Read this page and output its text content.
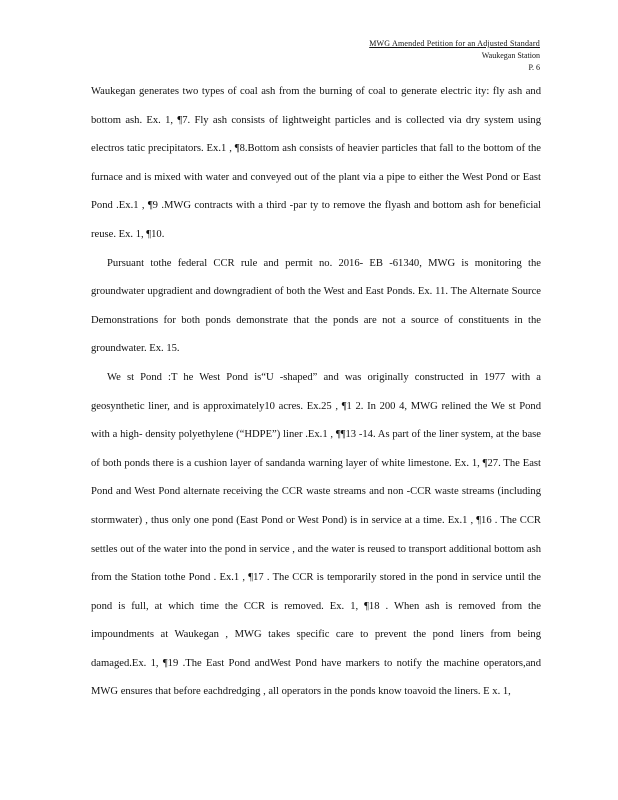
MWG Amended Petition for an Adjusted Standard
Waukegan Station
P. 6

Waukegan generates two types of coal ash from the burning of coal to generate electric ity: fly ash and bottom ash. Ex. 1, ¶7. Fly ash consists of lightweight particles and is collected via dry system using electros tatic precipitators. Ex.1 , ¶8.Bottom ash consists of heavier particles that fall to the bottom of the furnace and is mixed with water and conveyed out of the plant via a pipe to either the West Pond or East Pond .Ex.1 , ¶9 .MWG contracts with a third -par ty to remove the flyash and bottom ash for beneficial reuse. Ex. 1, ¶10.

Pursuant tothe federal CCR rule and permit no. 2016- EB -61340, MWG is monitoring the groundwater upgradient and downgradient of both the West and East Ponds. Ex. 11. The Alternate Source Demonstrations for both ponds demonstrate that the ponds are not a source of constituents in the groundwater. Ex. 15.

We st Pond :T he West Pond is“U -shaped” and was originally constructed in 1977 with a geosynthetic liner, and is approximately10 acres. Ex.25 , ¶1 2. In 200 4, MWG relined the We st Pond with a high- density polyethylene (“HDPE”) liner .Ex.1 , ¶¶13 -14. As part of the liner system, at the base of both ponds there is a cushion layer of sandanda warning layer of white limestone. Ex. 1, ¶27. The East Pond and West Pond alternate receiving the CCR waste streams and non -CCR waste streams (including stormwater) , thus only one pond (East Pond or West Pond) is in service at a time. Ex.1 , ¶16 . The CCR settles out of the water into the pond in service , and the water is reused to transport additional bottom ash from the Station tothe Pond . Ex.1 , ¶17 . The CCR is temporarily stored in the pond in service until the pond is full, at which time the CCR is removed. Ex. 1, ¶18 . When ash is removed from the impoundments at Waukegan , MWG takes specific care to prevent the pond liners from being damaged.Ex. 1, ¶19 .The East Pond andWest Pond have markers to notify the machine operators,and MWG ensures that before eachdredging , all operators in the ponds know toavoid the liners. E x. 1,
